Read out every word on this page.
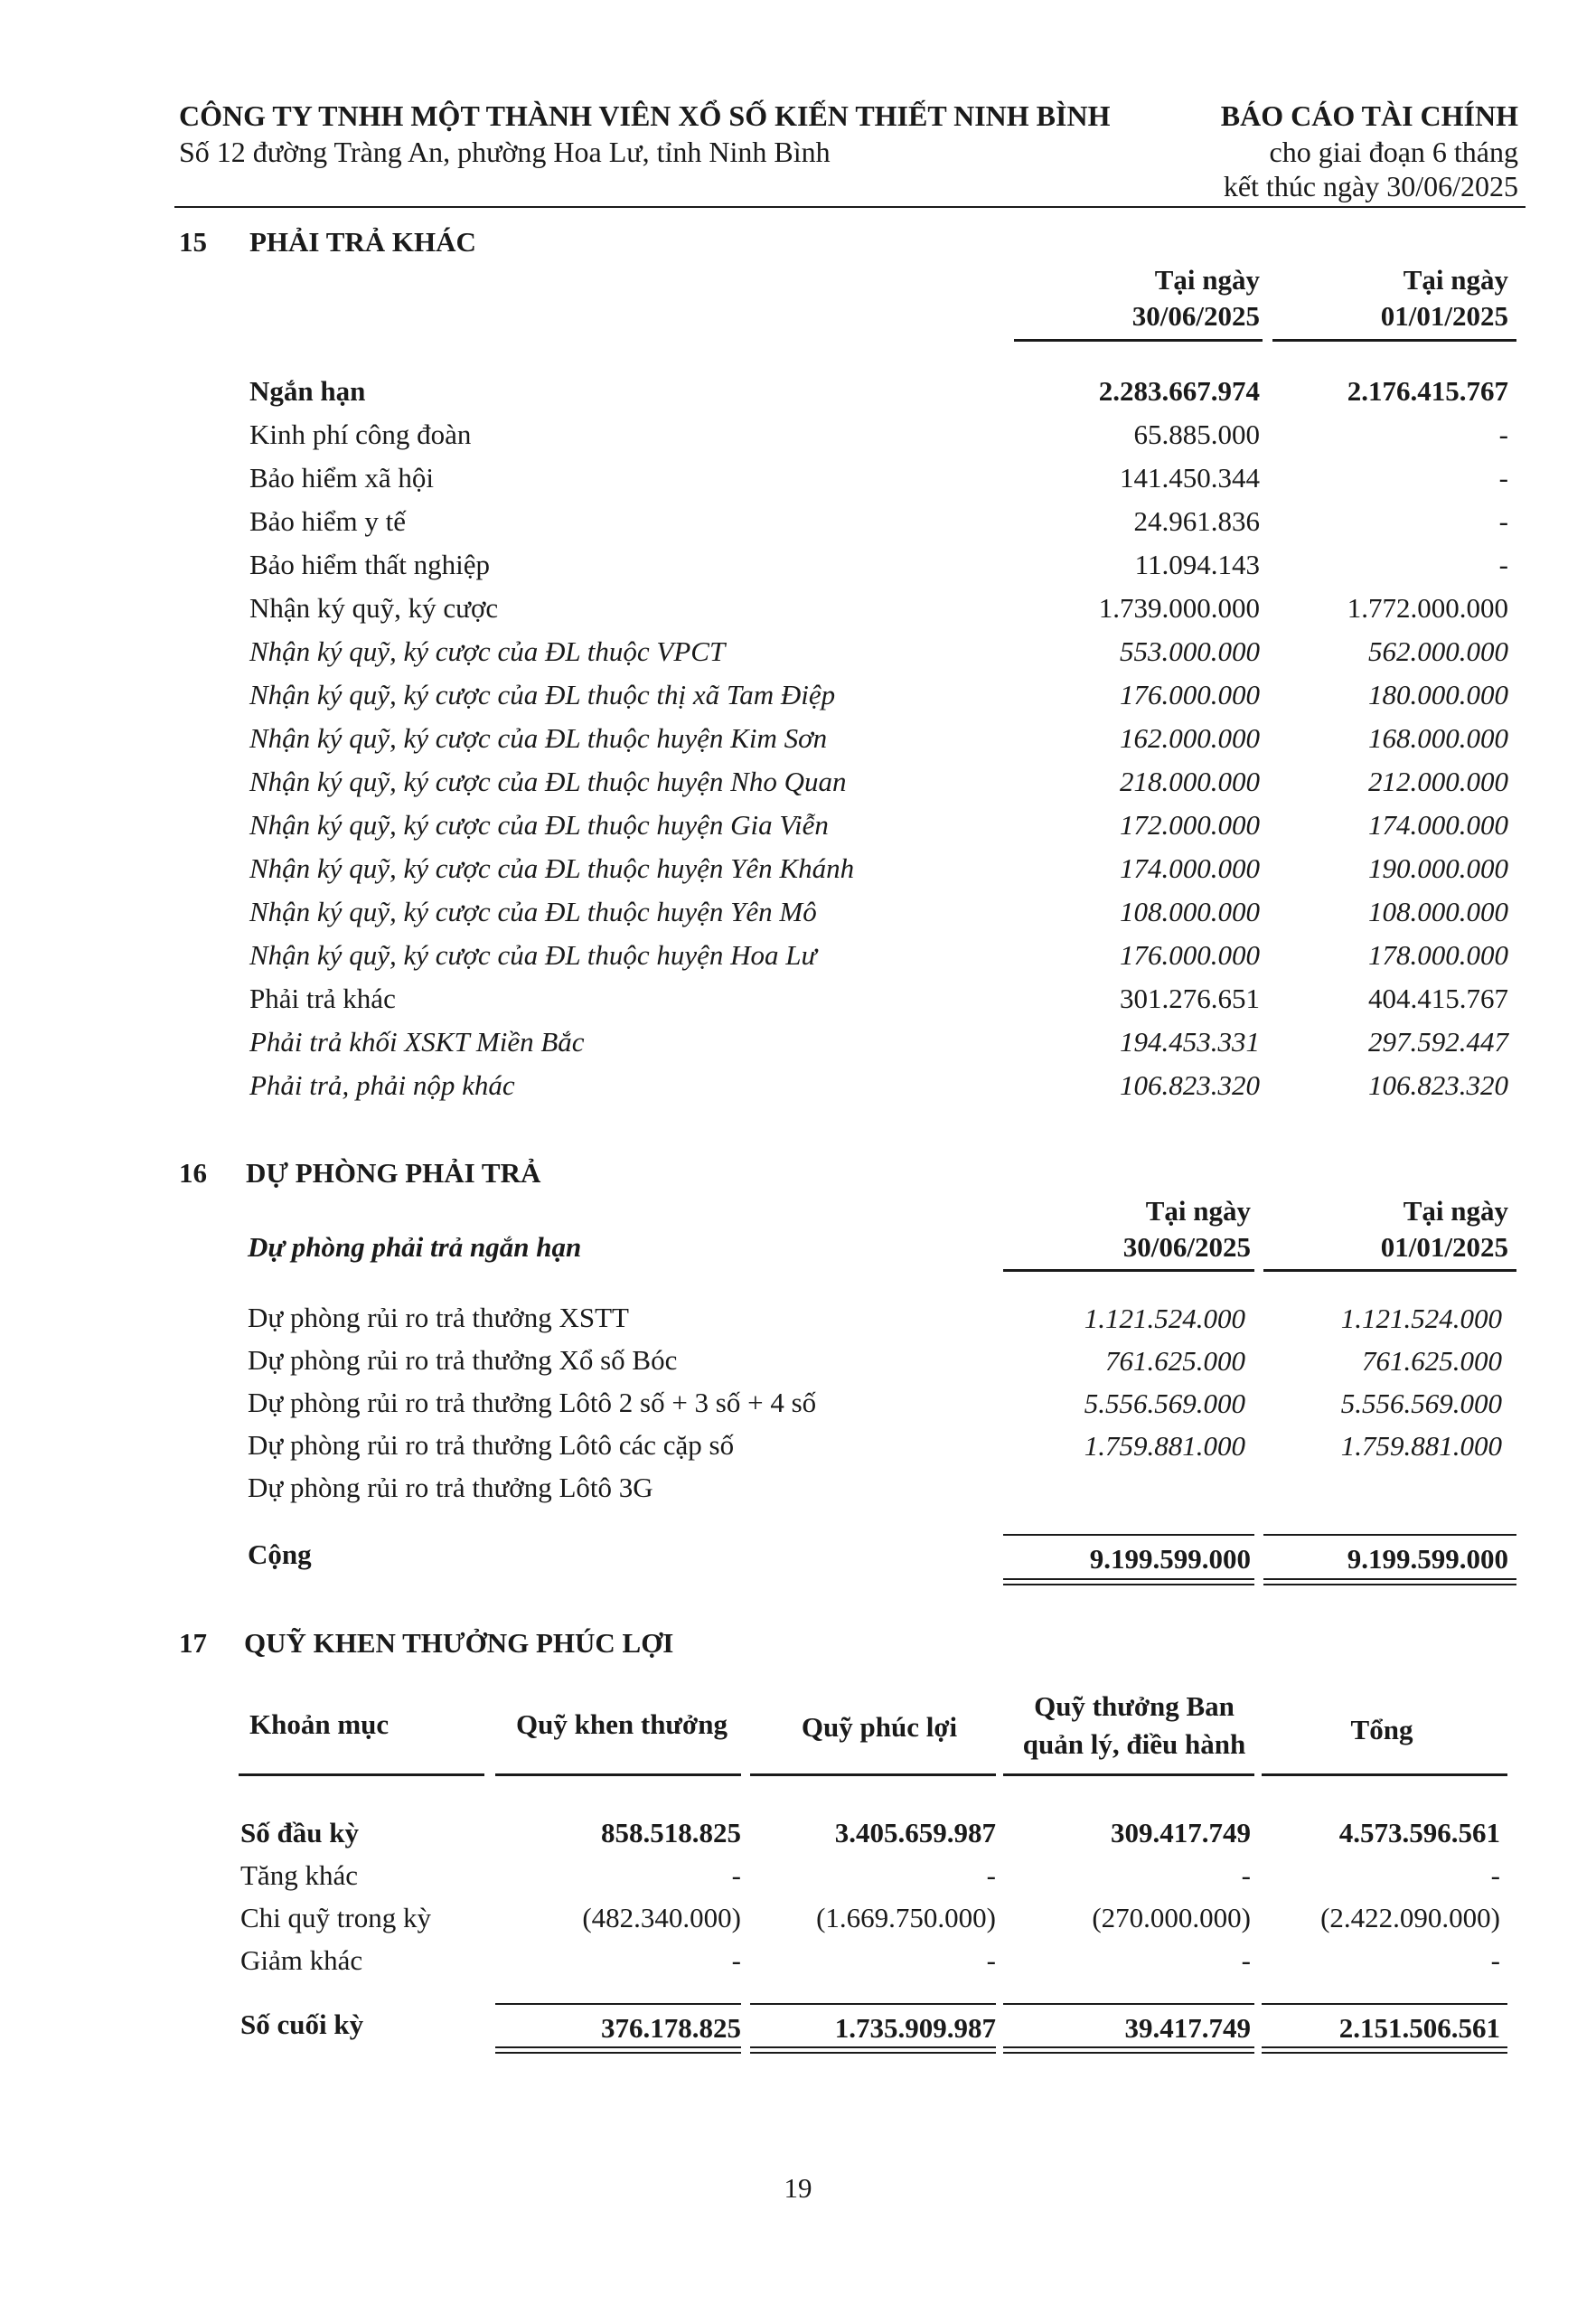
CÔNG TY TNHH MỘT THÀNH VIÊN XỔ SỐ KIẾN THIẾT NINH BÌNH
Số 12 đường Tràng An, phường Hoa Lư, tỉnh Ninh Bình
BÁO CÁO TÀI CHÍNH
cho giai đoạn 6 tháng
kết thúc ngày 30/06/2025
15 PHẢI TRẢ KHÁC
Tại ngày
30/06/2025
Tại ngày
01/01/2025
Ngắn hạn	2.283.667.974	2.176.415.767
Kinh phí công đoàn	65.885.000	-
Bảo hiểm xã hội	141.450.344	-
Bảo hiểm y tế	24.961.836	-
Bảo hiểm thất nghiệp	11.094.143	-
Nhận ký quỹ, ký cược	1.739.000.000	1.772.000.000
Nhận ký quỹ, ký cược của ĐL thuộc VPCT	553.000.000	562.000.000
Nhận ký quỹ, ký cược của ĐL thuộc thị xã Tam Điệp	176.000.000	180.000.000
Nhận ký quỹ, ký cược của ĐL thuộc huyện Kim Sơn	162.000.000	168.000.000
Nhận ký quỹ, ký cược của ĐL thuộc huyện Nho Quan	218.000.000	212.000.000
Nhận ký quỹ, ký cược của ĐL thuộc huyện Gia Viễn	172.000.000	174.000.000
Nhận ký quỹ, ký cược của ĐL thuộc huyện Yên Khánh	174.000.000	190.000.000
Nhận ký quỹ, ký cược của ĐL thuộc huyện Yên Mô	108.000.000	108.000.000
Nhận ký quỹ, ký cược của ĐL thuộc huyện Hoa Lư	176.000.000	178.000.000
Phải trả khác	301.276.651	404.415.767
Phải trả khối XSKT Miền Bắc	194.453.331	297.592.447
Phải trả, phải nộp khác	106.823.320	106.823.320
16 DỰ PHÒNG PHẢI TRẢ
Tại ngày
30/06/2025
Tại ngày
01/01/2025
Dự phòng phải trả ngắn hạn
Dự phòng rủi ro trả thưởng XSTT	1.121.524.000	1.121.524.000
Dự phòng rủi ro trả thưởng Xổ số Bóc	761.625.000	761.625.000
Dự phòng rủi ro trả thưởng Lôtô 2 số + 3 số + 4 số	5.556.569.000	5.556.569.000
Dự phòng rủi ro trả thưởng Lôtô các cặp số	1.759.881.000	1.759.881.000
Dự phòng rủi ro trả thưởng Lôtô 3G
Cộng	9.199.599.000	9.199.599.000
17 QUỸ KHEN THƯỞNG PHÚC LỢI
Khoản mục	Quỹ khen thưởng	Quỹ phúc lợi
Quỹ thưởng Ban
quản lý, điều hành	Tổng
Số đầu kỳ	858.518.825	3.405.659.987	309.417.749	4.573.596.561
Tăng khác	-	-	-	-
Chi quỹ trong kỳ	(482.340.000)	(1.669.750.000)	(270.000.000) (2.422.090.000)
Giảm khác	-	-	-	-
Số cuối kỳ	376.178.825	1.735.909.987	39.417.749	2.151.506.561
19
